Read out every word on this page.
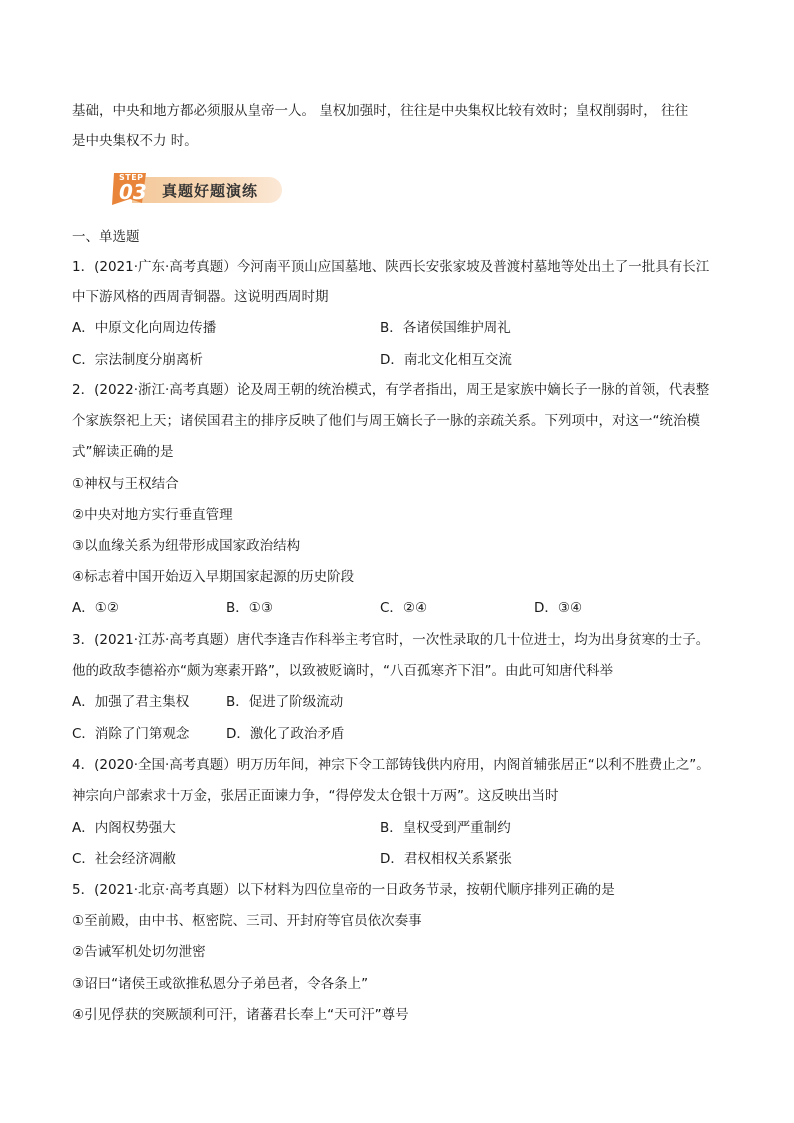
基础，中央和地方都必须服从皇帝一人。 皇权加强时，往往是中央集权比较有效时；皇权削弱时， 往往
是中央集权不力 时。
STEP
03 真题好题演练
一、单选题
1．(2021·广东·高考真题）今河南平顶山应国墓地、陕西长安张家坡及普渡村墓地等处出土了一批具有长江
中下游风格的西周青铜器。这说明西周时期
A．中原文化向周边传播	B．各诸侯国维护周礼
C．宗法制度分崩离析	D．南北文化相互交流
2．(2022·浙江·高考真题）论及周王朝的统治模式，有学者指出，周王是家族中嫡长子一脉的首领，代表整
个家族祭祀上天；诸侯国君主的排序反映了他们与周王嫡长子一脉的亲疏关系。下列项中，对这一“统治模
式”解读正确的是
①神权与王权结合
②中央对地方实行垂直管理
③以血缘关系为纽带形成国家政治结构
④标志着中国开始迈入早期国家起源的历史阶段
A．①②	B．①③	C．②④	D．③④
3．(2021·江苏·高考真题）唐代李逢吉作科举主考官时，一次性录取的几十位进士，均为出身贫寒的士子。
他的政敌李德裕亦“颇为寒素开路”，以致被贬谪时，“八百孤寒齐下泪”。由此可知唐代科举
A．加强了君主集权	B．促进了阶级流动
C．消除了门第观念	D．激化了政治矛盾
4．(2020·全国·高考真题）明万历年间，神宗下令工部铸钱供内府用，内阁首辅张居正“以利不胜费止之”。
神宗向户部索求十万金，张居正面谏力争，“得停发太仓银十万两”。这反映出当时
A．内阁权势强大	B．皇权受到严重制约
C．社会经济凋敝	D．君权相权关系紧张
5．(2021·北京·高考真题）以下材料为四位皇帝的一日政务节录，按朝代顺序排列正确的是
①至前殿，由中书、枢密院、三司、开封府等官员依次奏事
②告诫军机处切勿泄密
③诏曰“诸侯王或欲推私恩分子弟邑者，令各条上”
④引见俘获的突厥颉利可汗，诸蕃君长奉上“天可汗”尊号
